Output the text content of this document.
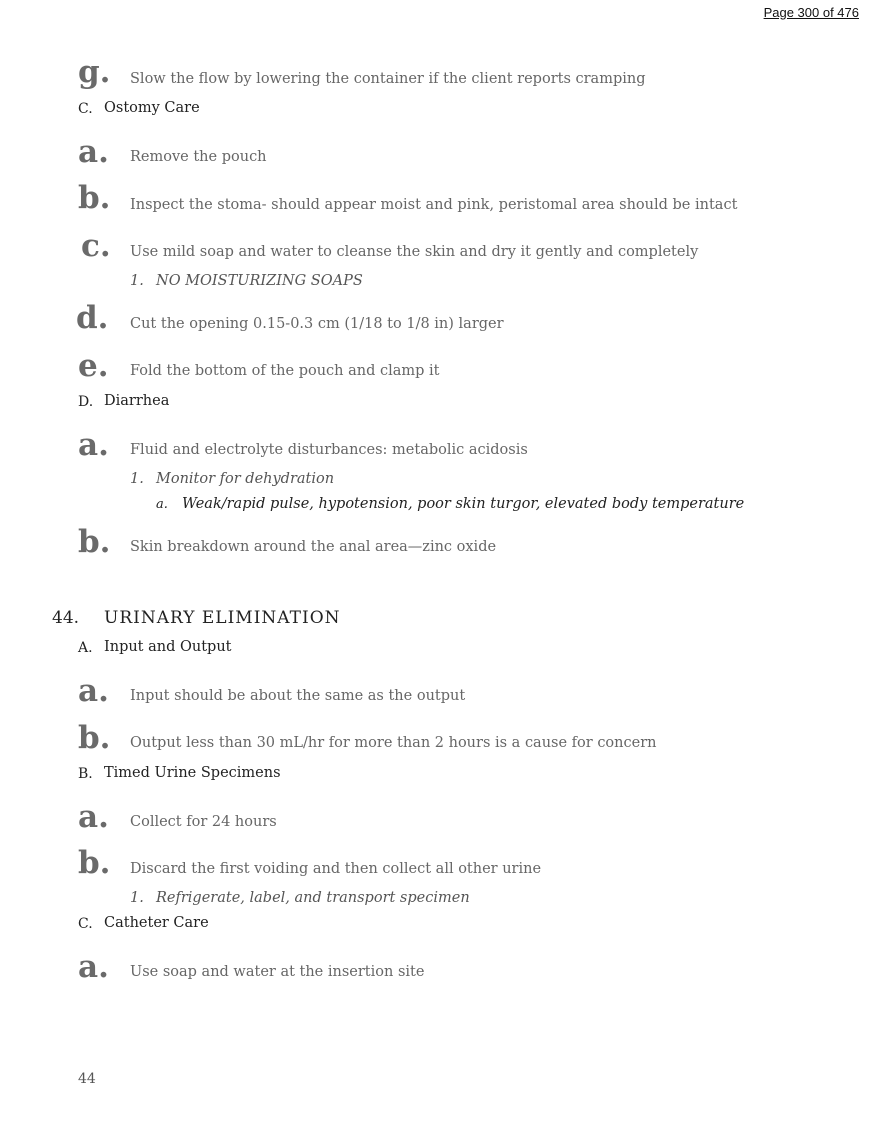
Page 300 of 476
g. Slow the flow by lowering the container if the client reports cramping
C. Ostomy Care
a. Remove the pouch
b. Inspect the stoma- should appear moist and pink, peristomal area should be intact
c. Use mild soap and water to cleanse the skin and dry it gently and completely
1. NO MOISTURIZING SOAPS
d. Cut the opening 0.15-0.3 cm (1/18 to 1/8 in) larger
e. Fold the bottom of the pouch and clamp it
D. Diarrhea
a. Fluid and electrolyte disturbances: metabolic acidosis
1. Monitor for dehydration
a. Weak/rapid pulse, hypotension, poor skin turgor, elevated body temperature
b. Skin breakdown around the anal area—zinc oxide
44. URINARY ELIMINATION
A. Input and Output
a. Input should be about the same as the output
b. Output less than 30 mL/hr for more than 2 hours is a cause for concern
B. Timed Urine Specimens
a. Collect for 24 hours
b. Discard the first voiding and then collect all other urine
1. Refrigerate, label, and transport specimen
C. Catheter Care
a. Use soap and water at the insertion site
44
